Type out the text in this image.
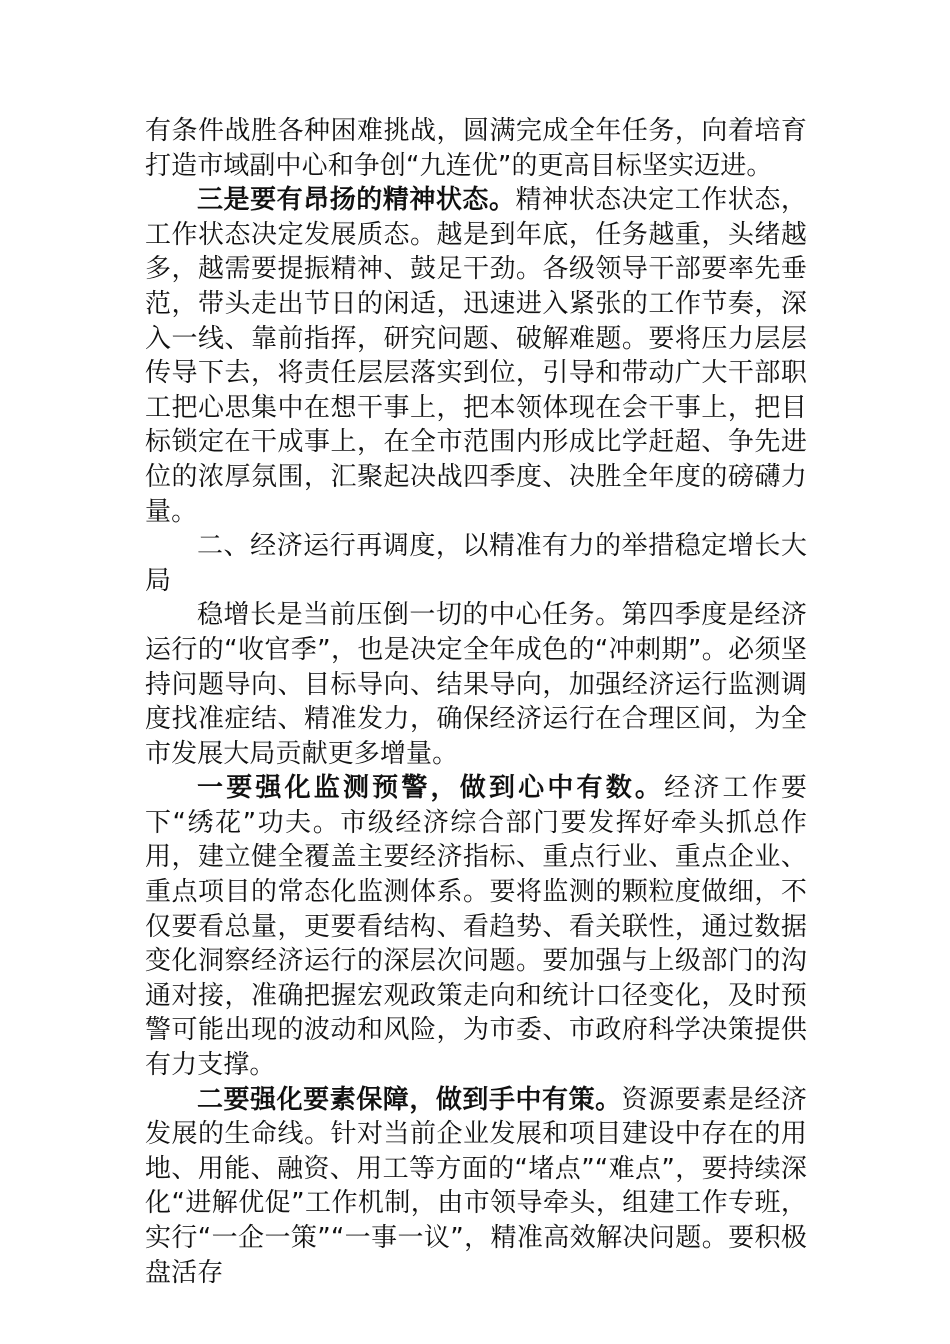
有条件战胜各种困难挑战，圆满完成全年任务，向着培育打造市域副中心和争创“九连优”的更高目标坚实迈进。

三是要有昂扬的精神状态。精神状态决定工作状态，工作状态决定发展质态。越是到年底，任务越重，头绪越多，越需要提振精神、鼓足干劲。各级领导干部要率先垂范，带头走出节日的闲适，迅速进入紧张的工作节奏，深入一线、靠前指挥，研究问题、破解难题。要将压力层层传导下去，将责任层层落实到位，引导和带动广大干部职工把心思集中在想干事上，把本领体现在会干事上，把目标锁定在干成事上，在全市范围内形成比学赶超、争先进位的浓厚氛围，汇聚起决战四季度、决胜全年度的磅礴力量。

二、经济运行再调度，以精准有力的举措稳定增长大局

稳增长是当前压倒一切的中心任务。第四季度是经济运行的“收官季”，也是决定全年成色的“冲刺期”。必须坚持问题导向、目标导向、结果导向，加强经济运行监测调度找准症结、精准发力，确保经济运行在合理区间，为全市发展大局贡献更多增量。

一要强化监测预警，做到心中有数。经济工作要下“绣花”功夫。市级经济综合部门要发挥好牵头抓总作用，建立健全覆盖主要经济指标、重点行业、重点企业、重点项目的常态化监测体系。要将监测的颗粒度做细，不仅要看总量，更要看结构、看趋势、看关联性，通过数据变化洞察经济运行的深层次问题。要加强与上级部门的沟通对接，准确把握宏观政策走向和统计口径变化，及时预警可能出现的波动和风险，为市委、市政府科学决策提供有力支撑。

二要强化要素保障，做到手中有策。资源要素是经济发展的生命线。针对当前企业发展和项目建设中存在的用地、用能、融资、用工等方面的“堵点”“难点”，要持续深化“进解优促”工作机制，由市领导牵头，组建工作专班，实行“一企一策”“一事一议”，精准高效解决问题。要积极盘活存
